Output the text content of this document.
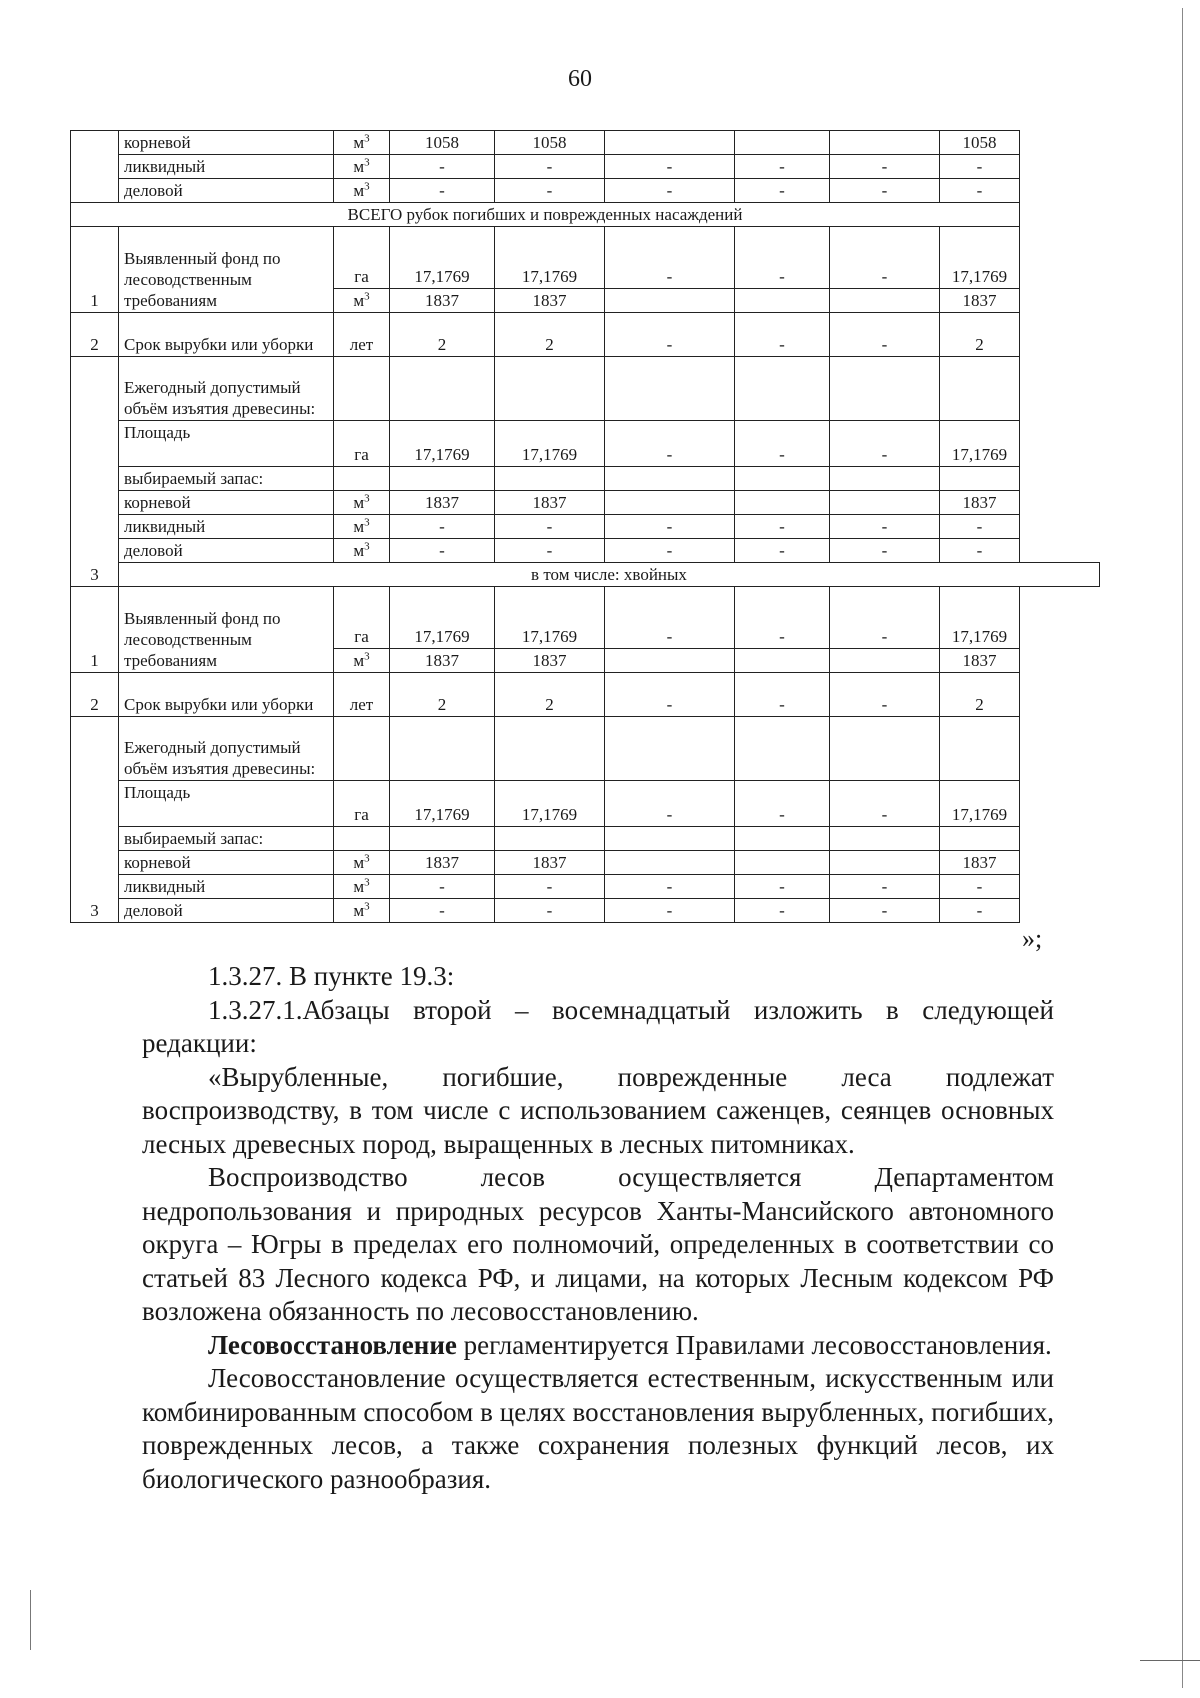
60
	корневой	$м^3$	1058	1058				1058
	ликвидный	$м^3$	-	-	-	-	-	-
	деловой	$м^3$	-	-	-	-	-	-
ВСЕГО рубок погибших и поврежденных насаждений								
1	Выявленный фонд по лесоводственным требованиям	га	17,1769	17,1769	-	-	-	17,1769
		$м^3$	1837	1837				1837
2	Срок вырубки или уборки	лет	2	2	-	-	-	2
3	Ежегодный допустимый объём изъятия древесины:							
	Площадь	га	17,1769	17,1769	-	-	-	17,1769
	выбираемый запас:							
	корневой	$м^3$	1837	1837				1837
	ликвидный	$м^3$	-	-	-	-	-	-
	деловой	$м^3$	-	-	-	-	-	-
	в том числе: хвойных							
1	Выявленный фонд по лесоводственным требованиям	га	17,1769	17,1769	-	-	-	17,1769
		$м^3$	1837	1837				1837
2	Срок вырубки или уборки	лет	2	2	-	-	-	2
3	Ежегодный допустимый объём изъятия древесины:							
	Площадь	га	17,1769	17,1769	-	-	-	17,1769
	выбираемый запас:							
	корневой	$м^3$	1837	1837				1837
	ликвидный	$м^3$	-	-	-	-	-	-
	деловой	$м^3$	-	-	-	-	-	-
»;

1.3.27. В пункте 19.3:

1.3.27.1.Абзацы второй – восемнадцатый изложить в следующей редакции:

«Вырубленные, погибшие, поврежденные леса подлежат воспроизводству, в том числе с использованием саженцев, сеянцев основных лесных древесных пород, выращенных в лесных питомниках.

Воспроизводство лесов осуществляется Департаментом недропользования и природных ресурсов Ханты-Мансийского автономного округа – Югры в пределах его полномочий, определенных в соответствии со статьей 83 Лесного кодекса РФ, и лицами, на которых Лесным кодексом РФ возложена обязанность по лесовосстановлению.

Лесовосстановление регламентируется Правилами лесовосстановления.

Лесовосстановление осуществляется естественным, искусственным или комбинированным способом в целях восстановления вырубленных, погибших, поврежденных лесов, а также сохранения полезных функций лесов, их биологического разнообразия.
